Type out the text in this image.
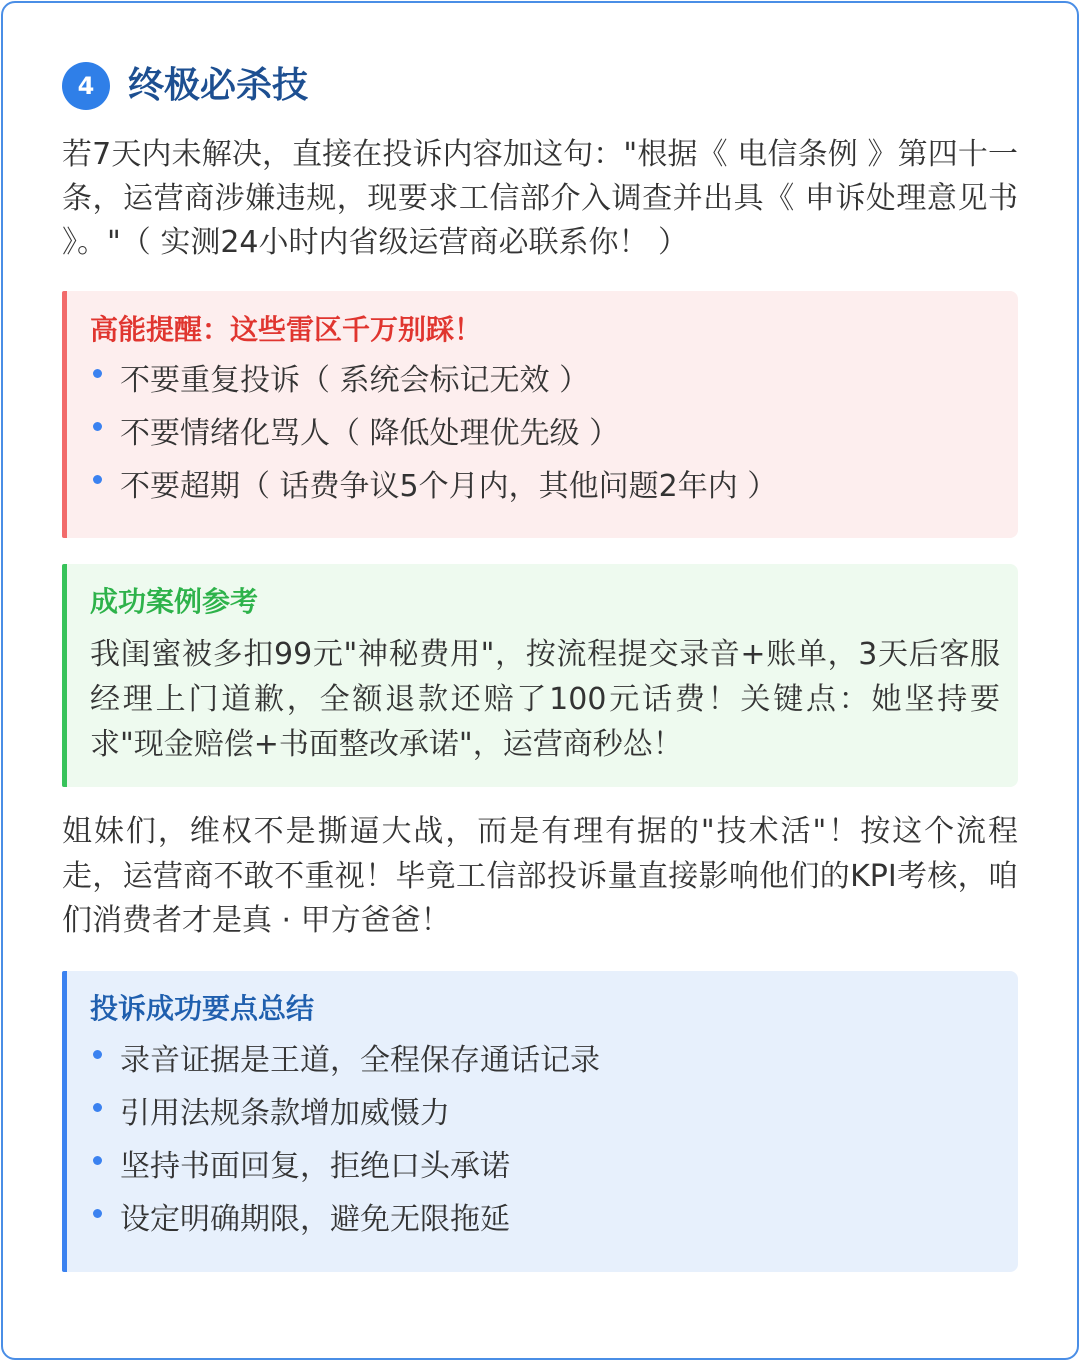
4 终极必杀技

若7天内未解决，直接在投诉内容加这句："根据《 电信条例 》第四十一条，运营商涉嫌违规，现要求工信部介入调查并出具《 申诉处理意见书 》。"（ 实测24小时内省级运营商必联系你！ ）

高能提醒：这些雷区千万别踩！
不要重复投诉（ 系统会标记无效 ）
不要情绪化骂人（ 降低处理优先级 ）
不要超期（ 话费争议5个月内，其他问题2年内 ）
成功案例参考
我闺蜜被多扣99元"神秘费用"，按流程提交录音+账单，3天后客服经理上门道歉，全额退款还赔了100元话费！关键点：她坚持要求"现金赔偿+书面整改承诺"，运营商秒怂！

姐妹们，维权不是撕逼大战，而是有理有据的"技术活"！按这个流程走，运营商不敢不重视！毕竟工信部投诉量直接影响他们的KPI考核，咱们消费者才是真 · 甲方爸爸！

投诉成功要点总结
录音证据是王道，全程保存通话记录
引用法规条款增加威慑力
坚持书面回复，拒绝口头承诺
设定明确期限，避免无限拖延
